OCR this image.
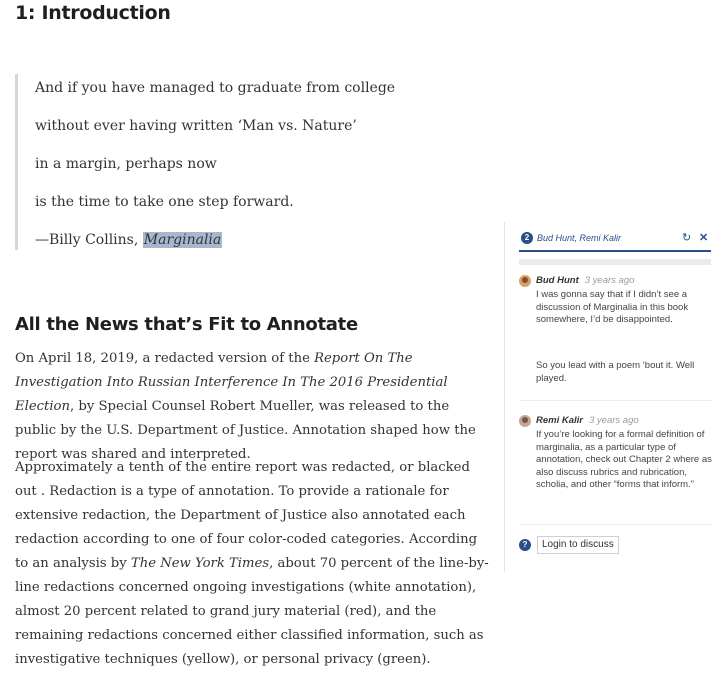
1: Introduction
And if you have managed to graduate from college
without ever having written ‘Man vs. Nature’
in a margin, perhaps now
is the time to take one step forward.
—Billy Collins, Marginalia
All the News that’s Fit to Annotate

On April 18, 2019, a redacted version of the Report On The Investigation Into Russian Interference In The 2016 Presidential Election, by Special Counsel Robert Mueller, was released to the public by the U.S. Department of Justice. Annotation shaped how the report was shared and interpreted.

Approximately a tenth of the entire report was redacted, or blacked out . Redaction is a type of annotation. To provide a rationale for extensive redaction, the Department of Justice also annotated each redaction according to one of four color-coded categories. According to an analysis by The New York Times, about 70 percent of the line-by-line redactions concerned ongoing investigations (white annotation), almost 20 percent related to grand jury material (red), and the remaining redactions concerned either classified information, such as investigative techniques (yellow), or personal privacy (green).

2 Bud Hunt, Remi Kalir	↻ ✕
Bud Hunt 3 years ago

I was gonna say that if I didn’t see a discussion of Marginalia in this book somewhere, I’d be disappointed.

So you lead with a poem ‘bout it. Well played.

Remi Kalir 3 years ago

If you’re looking for a formal definition of marginalia, as a particular type of annotation, check out Chapter 2 where as also discuss rubrics and rubrication, scholia, and other “forms that inform.”

?	Login to discuss
